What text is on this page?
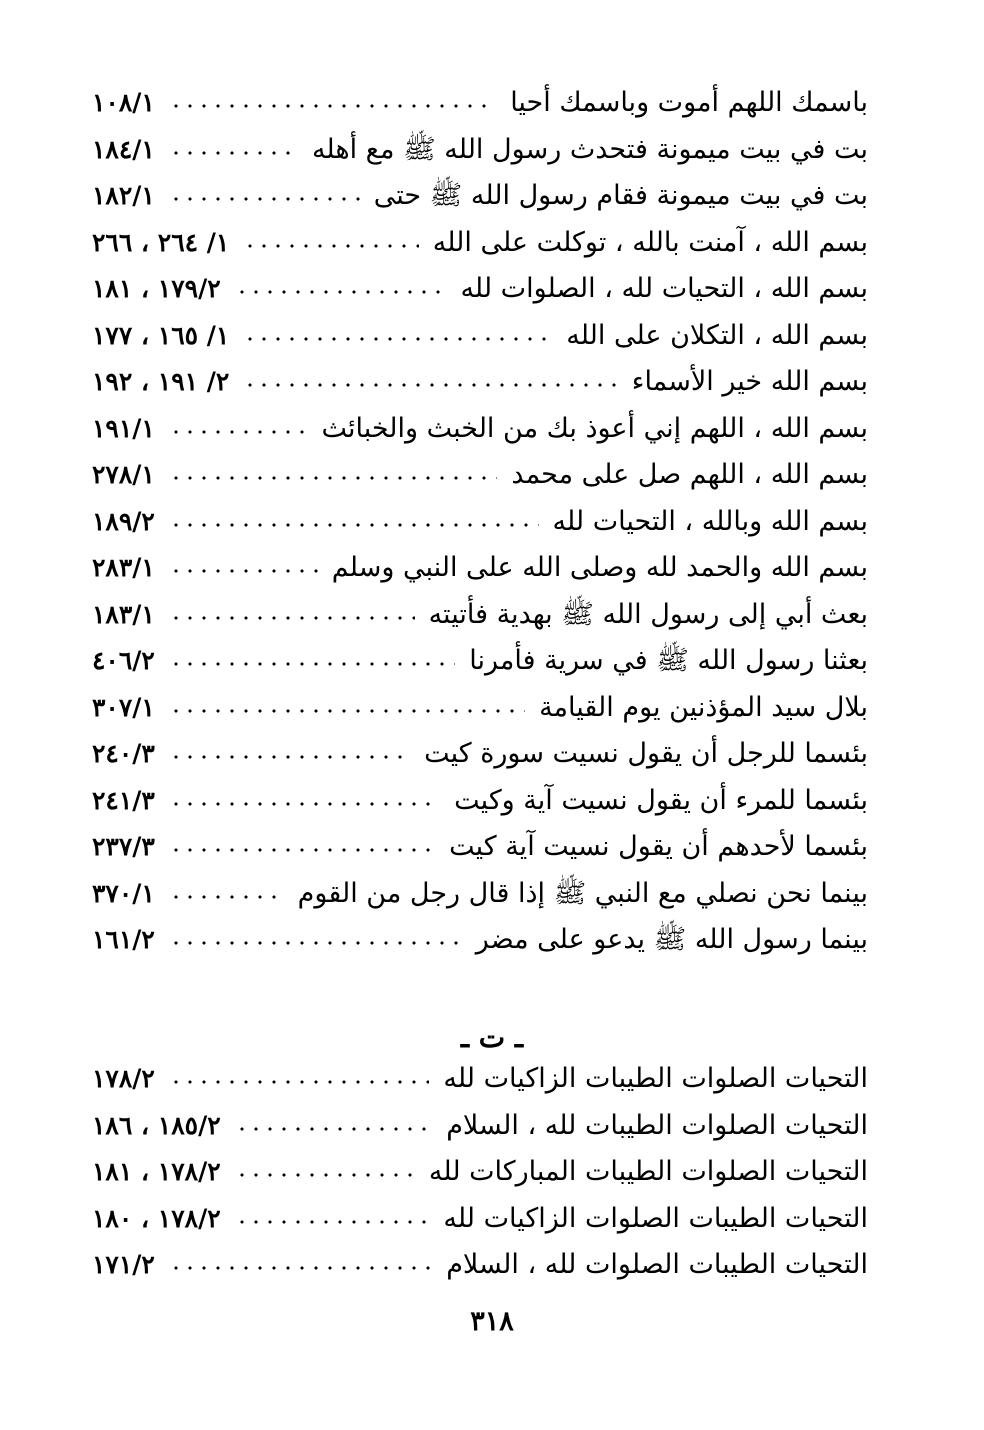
باسمك اللهم أموت وباسمك أحيا
١٠٨/١
بت في بيت ميمونة فتحدث رسول الله ﷺ مع أهله
١٨٤/١
بت في بيت ميمونة فقام رسول الله ﷺ حتى
١٨٢/١
بسم الله ، آمنت بالله ، توكلت على الله
١/ ٢٦٤ ، ٢٦٦
بسم الله ، التحيات لله ، الصلوات لله
١٧٩/٢ ، ١٨١
بسم الله ، التكلان على الله
١/ ١٦٥ ، ١٧٧
بسم الله خير الأسماء
٢/ ١٩١ ، ١٩٢
بسم الله ، اللهم إني أعوذ بك من الخبث والخبائث
١٩١/١
بسم الله ، اللهم صل على محمد
٢٧٨/١
بسم الله وبالله ، التحيات لله
١٨٩/٢
بسم الله والحمد لله وصلى الله على النبي وسلم
٢٨٣/١
بعث أبي إلى رسول الله ﷺ بهدية فأتيته
١٨٣/١
بعثنا رسول الله ﷺ في سرية فأمرنا
٤٠٦/٢
بلال سيد المؤذنين يوم القيامة
٣٠٧/١
بئسما للرجل أن يقول نسيت سورة كيت
٢٤٠/٣
بئسما للمرء أن يقول نسيت آية وكيت
٢٤١/٣
بئسما لأحدهم أن يقول نسيت آية كيت
٢٣٧/٣
بينما نحن نصلي مع النبي ﷺ إذا قال رجل من القوم
٣٧٠/١
بينما رسول الله ﷺ يدعو على مضر
١٦١/٢
ـ ت ـ
التحيات الصلوات الطيبات الزاكيات لله
١٧٨/٢
التحيات الصلوات الطيبات لله ، السلام
١٨٥/٢ ، ١٨٦
التحيات الصلوات الطيبات المباركات لله
١٧٨/٢ ، ١٨١
التحيات الطيبات الصلوات الزاكيات لله
١٧٨/٢ ، ١٨٠
التحيات الطيبات الصلوات لله ، السلام
١٧١/٢
٣١٨
